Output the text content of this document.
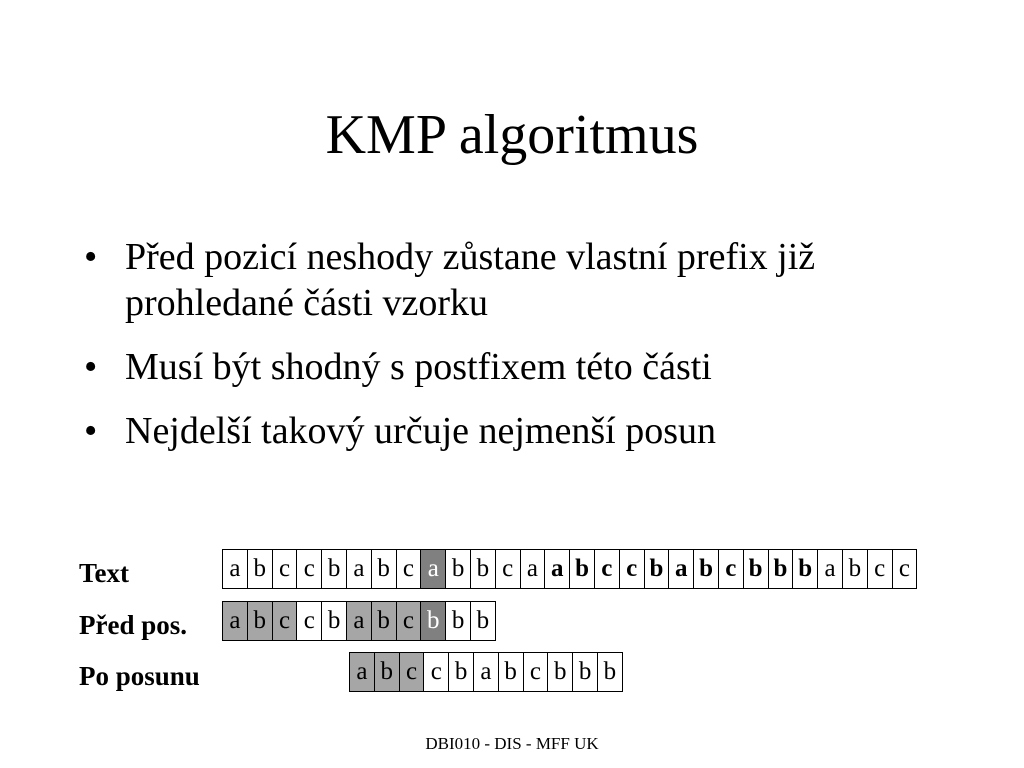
KMP algoritmus
• Před pozicí neshody zůstane vlastní prefix již prohledané části vzorku
• Musí být shodný s postfixem této části
• Nejdelší takový určuje nejmenší posun
Text	a b c c b a b c a b b c a a b c c b a b c b b b a b c c
Před pos. a b c c b a b c b b b
Po posunu	a b c c b a b c b b b
DBI010 - DIS - MFF UK
